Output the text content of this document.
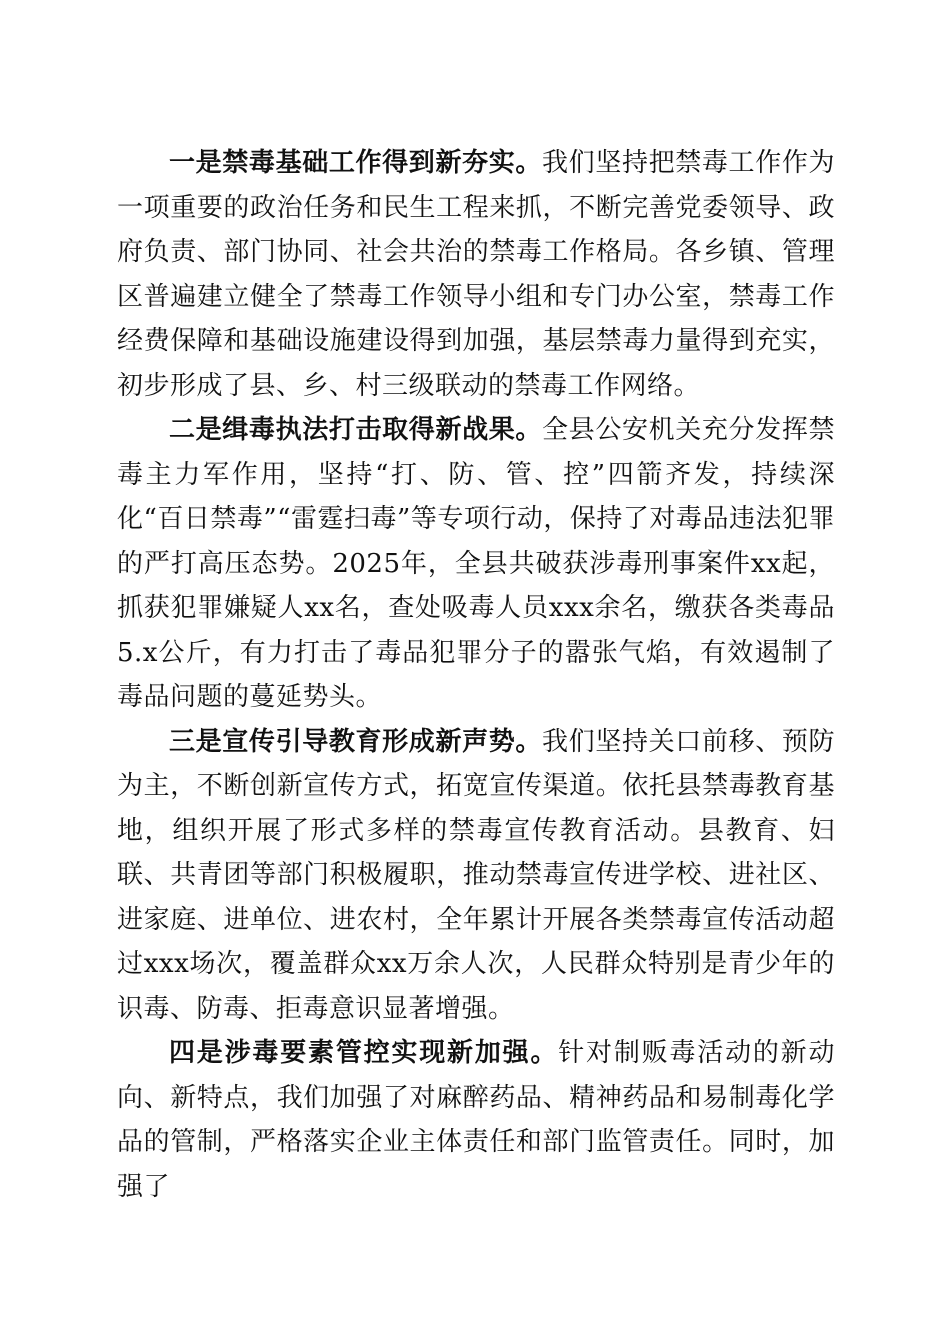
一是禁毒基础工作得到新夯实。我们坚持把禁毒工作作为一项重要的政治任务和民生工程来抓，不断完善党委领导、政府负责、部门协同、社会共治的禁毒工作格局。各乡镇、管理区普遍建立健全了禁毒工作领导小组和专门办公室，禁毒工作经费保障和基础设施建设得到加强，基层禁毒力量得到充实，初步形成了县、乡、村三级联动的禁毒工作网络。

二是缉毒执法打击取得新战果。全县公安机关充分发挥禁毒主力军作用，坚持“打、防、管、控”四箭齐发，持续深化“百日禁毒”“雷霆扫毒”等专项行动，保持了对毒品违法犯罪的严打高压态势。2025年，全县共破获涉毒刑事案件xx起，抓获犯罪嫌疑人xx名，查处吸毒人员xxx余名，缴获各类毒品5.x公斤，有力打击了毒品犯罪分子的嚣张气焰，有效遏制了毒品问题的蔓延势头。

三是宣传引导教育形成新声势。我们坚持关口前移、预防为主，不断创新宣传方式，拓宽宣传渠道。依托县禁毒教育基地，组织开展了形式多样的禁毒宣传教育活动。县教育、妇联、共青团等部门积极履职，推动禁毒宣传进学校、进社区、进家庭、进单位、进农村，全年累计开展各类禁毒宣传活动超过xxx场次，覆盖群众xx万余人次，人民群众特别是青少年的识毒、防毒、拒毒意识显著增强。

四是涉毒要素管控实现新加强。针对制贩毒活动的新动向、新特点，我们加强了对麻醉药品、精神药品和易制毒化学品的管制，严格落实企业主体责任和部门监管责任。同时，加强了
